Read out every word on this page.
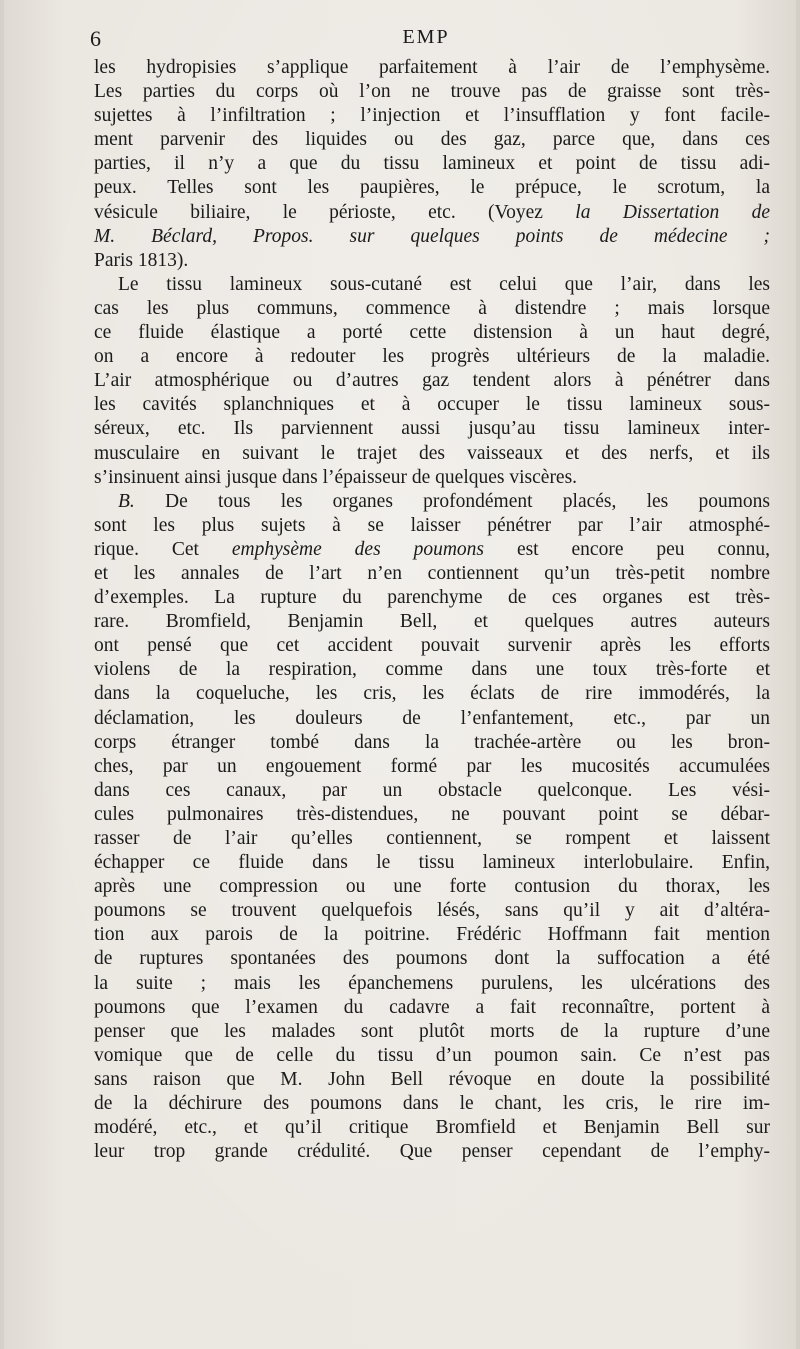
6	EMP
les hydropisies s’applique parfaitement à l’air de l’emphysème.
Les parties du corps où l’on ne trouve pas de graisse sont très-
sujettes à l’infiltration ; l’injection et l’insufflation y font facile-
ment parvenir des liquides ou des gaz, parce que, dans ces
parties, il n’y a que du tissu lamineux et point de tissu adi-
peux. Telles sont les paupières, le prépuce, le scrotum, la
vésicule biliaire, le périoste, etc. (Voyez la Dissertation de
M. Béclard, Propos. sur quelques points de médecine ;
Paris 1813).
Le tissu lamineux sous-cutané est celui que l’air, dans les
cas les plus communs, commence à distendre ; mais lorsque
ce fluide élastique a porté cette distension à un haut degré,
on a encore à redouter les progrès ultérieurs de la maladie.
L’air atmosphérique ou d’autres gaz tendent alors à pénétrer dans
les cavités splanchniques et à occuper le tissu lamineux sous-
séreux, etc. Ils parviennent aussi jusqu’au tissu lamineux inter-
musculaire en suivant le trajet des vaisseaux et des nerfs, et ils
s’insinuent ainsi jusque dans l’épaisseur de quelques viscères.
B. De tous les organes profondément placés, les poumons
sont les plus sujets à se laisser pénétrer par l’air atmosphé-
rique. Cet emphysème des poumons est encore peu connu,
et les annales de l’art n’en contiennent qu’un très-petit nombre
d’exemples. La rupture du parenchyme de ces organes est très-
rare. Bromfield, Benjamin Bell, et quelques autres auteurs
ont pensé que cet accident pouvait survenir après les efforts
violens de la respiration, comme dans une toux très-forte et
dans la coqueluche, les cris, les éclats de rire immodérés, la
déclamation, les douleurs de l’enfantement, etc., par un
corps étranger tombé dans la trachée-artère ou les bron-
ches, par un engouement formé par les mucosités accumulées
dans ces canaux, par un obstacle quelconque. Les vési-
cules pulmonaires très-distendues, ne pouvant point se débar-
rasser de l’air qu’elles contiennent, se rompent et laissent
échapper ce fluide dans le tissu lamineux interlobulaire. Enfin,
après une compression ou une forte contusion du thorax, les
poumons se trouvent quelquefois lésés, sans qu’il y ait d’altéra-
tion aux parois de la poitrine. Frédéric Hoffmann fait mention
de ruptures spontanées des poumons dont la suffocation a été
la suite ; mais les épanchemens purulens, les ulcérations des
poumons que l’examen du cadavre a fait reconnaître, portent à
penser que les malades sont plutôt morts de la rupture d’une
vomique que de celle du tissu d’un poumon sain. Ce n’est pas
sans raison que M. John Bell révoque en doute la possibilité
de la déchirure des poumons dans le chant, les cris, le rire im-
modéré, etc., et qu’il critique Bromfield et Benjamin Bell sur
leur trop grande crédulité. Que penser cependant de l’emphy-
